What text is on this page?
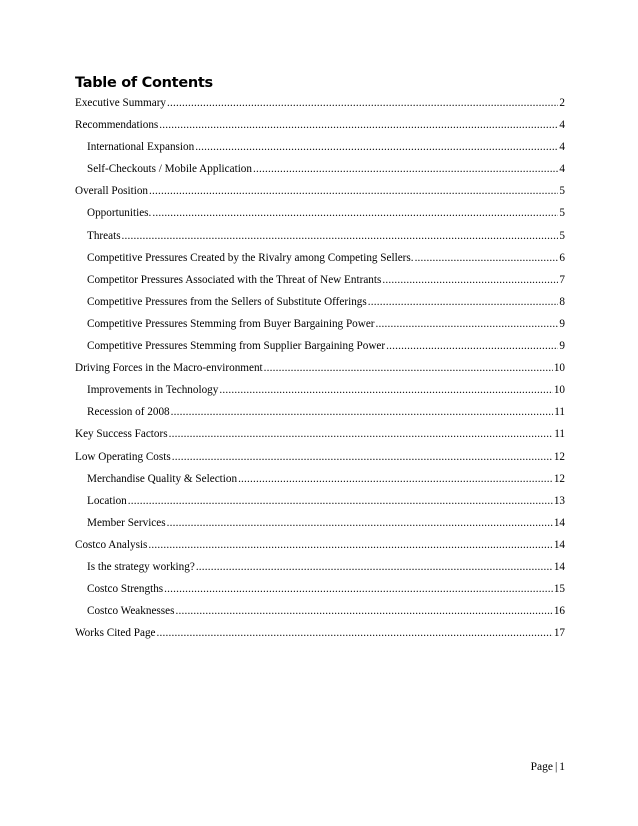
Table of Contents
Executive Summary .....	2
Recommendations .....	4
International Expansion .....	4
Self-Checkouts / Mobile Application .....	4
Overall Position .....	5
Opportunities. .....	5
Threats .....	5
Competitive Pressures Created by the Rivalry among Competing Sellers. .....	6
Competitor Pressures Associated with the Threat of New Entrants .....	7
Competitive Pressures from the Sellers of Substitute Offerings .....	8
Competitive Pressures Stemming from Buyer Bargaining Power .....	9
Competitive Pressures Stemming from Supplier Bargaining Power .....	9
Driving Forces in the Macro-environment .....	10
Improvements in Technology .....	10
Recession of 2008 .....	11
Key Success Factors .....	11
Low Operating Costs .....	12
Merchandise Quality & Selection .....	12
Location .....	13
Member Services .....	14
Costco Analysis .....	14
Is the strategy working? .....	14
Costco Strengths .....	15
Costco Weaknesses .....	16
Works Cited Page .....	17
Page | 1
